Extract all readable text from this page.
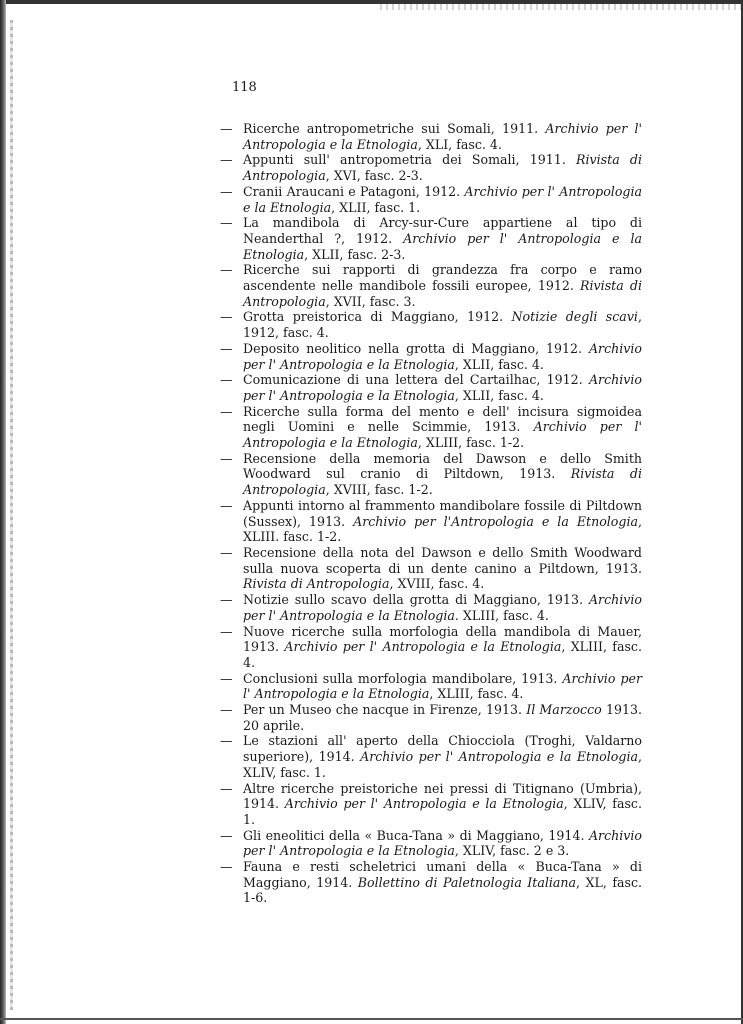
118

— Ricerche antropometriche sui Somali, 1911. Archivio per l' Antropologia e la Etnologia, XLI, fasc. 4.

— Appunti sull' antropometria dei Somali, 1911. Rivista di Antropologia, XVI, fasc. 2-3.

— Cranii Araucani e Patagoni, 1912. Archivio per l' Antropologia e la Etnologia, XLII, fasc. 1.

— La mandibola di Arcy-sur-Cure appartiene al tipo di Neanderthal ?, 1912. Archivio per l' Antropologia e la Etnologia, XLII, fasc. 2-3.

— Ricerche sui rapporti di grandezza fra corpo e ramo ascendente nelle mandibole fossili europee, 1912. Rivista di Antropologia, XVII, fasc. 3.

— Grotta preistorica di Maggiano, 1912. Notizie degli scavi, 1912, fasc. 4.

— Deposito neolitico nella grotta di Maggiano, 1912. Archivio per l' Antropologia e la Etnologia, XLII, fasc. 4.

— Comunicazione di una lettera del Cartailhac, 1912. Archivio per l' Antropologia e la Etnologia, XLII, fasc. 4.

— Ricerche sulla forma del mento e dell' incisura sigmoidea negli Uomini e nelle Scimmie, 1913. Archivio per l' Antropologia e la Etnologia, XLIII, fasc. 1-2.

— Recensione della memoria del Dawson e dello Smith Woodward sul cranio di Piltdown, 1913. Rivista di Antropologia, XVIII, fasc. 1-2.

— Appunti intorno al frammento mandibolare fossile di Piltdown (Sussex), 1913. Archivio per l'Antropologia e la Etnologia, XLIII. fasc. 1-2.

— Recensione della nota del Dawson e dello Smith Woodward sulla nuova scoperta di un dente canino a Piltdown, 1913. Rivista di Antropologia, XVIII, fasc. 4.

— Notizie sullo scavo della grotta di Maggiano, 1913. Archivio per l' Antropologia e la Etnologia. XLIII, fasc. 4.

— Nuove ricerche sulla morfologia della mandibola di Mauer, 1913. Archivio per l' Antropologia e la Etnologia, XLIII, fasc. 4.

— Conclusioni sulla morfologia mandibolare, 1913. Archivio per l' Antropologia e la Etnologia, XLIII, fasc. 4.

— Per un Museo che nacque in Firenze, 1913. Il Marzocco 1913. 20 aprile.

— Le stazioni all' aperto della Chiocciola (Troghi, Valdarno superiore), 1914. Archivio per l' Antropologia e la Etnologia, XLIV, fasc. 1.

— Altre ricerche preistoriche nei pressi di Titignano (Umbria), 1914. Archivio per l' Antropologia e la Etnologia, XLIV, fasc. 1.

— Gli eneolitici della « Buca-Tana » di Maggiano, 1914. Archivio per l' Antropologia e la Etnologia, XLIV, fasc. 2 e 3.

— Fauna e resti scheletrici umani della « Buca-Tana » di Maggiano, 1914. Bollettino di Paletnologia Italiana, XL, fasc. 1-6.
